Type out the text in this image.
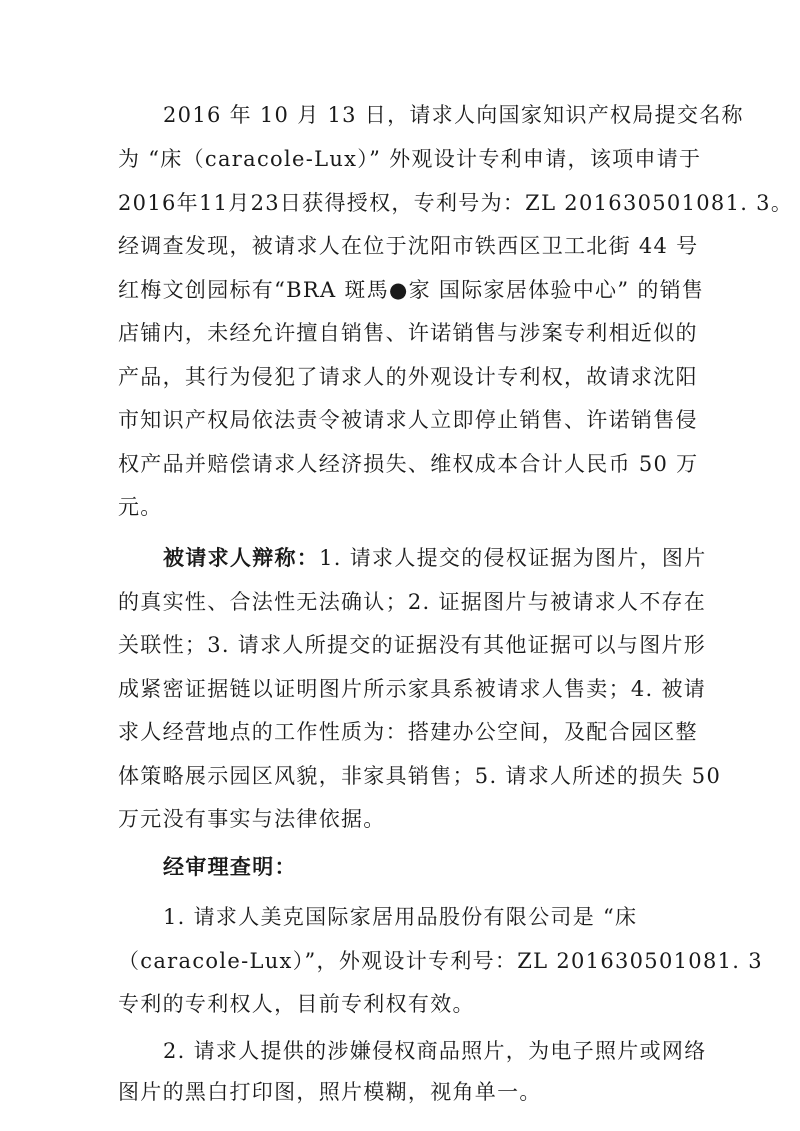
2016 年 10 月 13 日，请求人向国家知识产权局提交名称
为 “床（caracole-Lux）” 外观设计专利申请，该项申请于
2016年11月23日获得授权，专利号为：ZL 201630501081. 3。
经调查发现，被请求人在位于沈阳市铁西区卫工北街 44 号
红梅文创园标有“BRA 斑馬●家 国际家居体验中心” 的销售
店铺内，未经允许擅自销售、许诺销售与涉案专利相近似的
产品，其行为侵犯了请求人的外观设计专利权，故请求沈阳
市知识产权局依法责令被请求人立即停止销售、许诺销售侵
权产品并赔偿请求人经济损失、维权成本合计人民币 50 万
元。
被请求人辩称：1. 请求人提交的侵权证据为图片，图片
的真实性、合法性无法确认；2. 证据图片与被请求人不存在
关联性；3. 请求人所提交的证据没有其他证据可以与图片形
成紧密证据链以证明图片所示家具系被请求人售卖；4. 被请
求人经营地点的工作性质为：搭建办公空间，及配合园区整
体策略展示园区风貌，非家具销售；5. 请求人所述的损失 50
万元没有事实与法律依据。
经审理查明：
1. 请求人美克国际家居用品股份有限公司是 “床
（caracole-Lux）”，外观设计专利号：ZL 201630501081. 3
专利的专利权人，目前专利权有效。
2. 请求人提供的涉嫌侵权商品照片，为电子照片或网络
图片的黑白打印图，照片模糊，视角单一。
